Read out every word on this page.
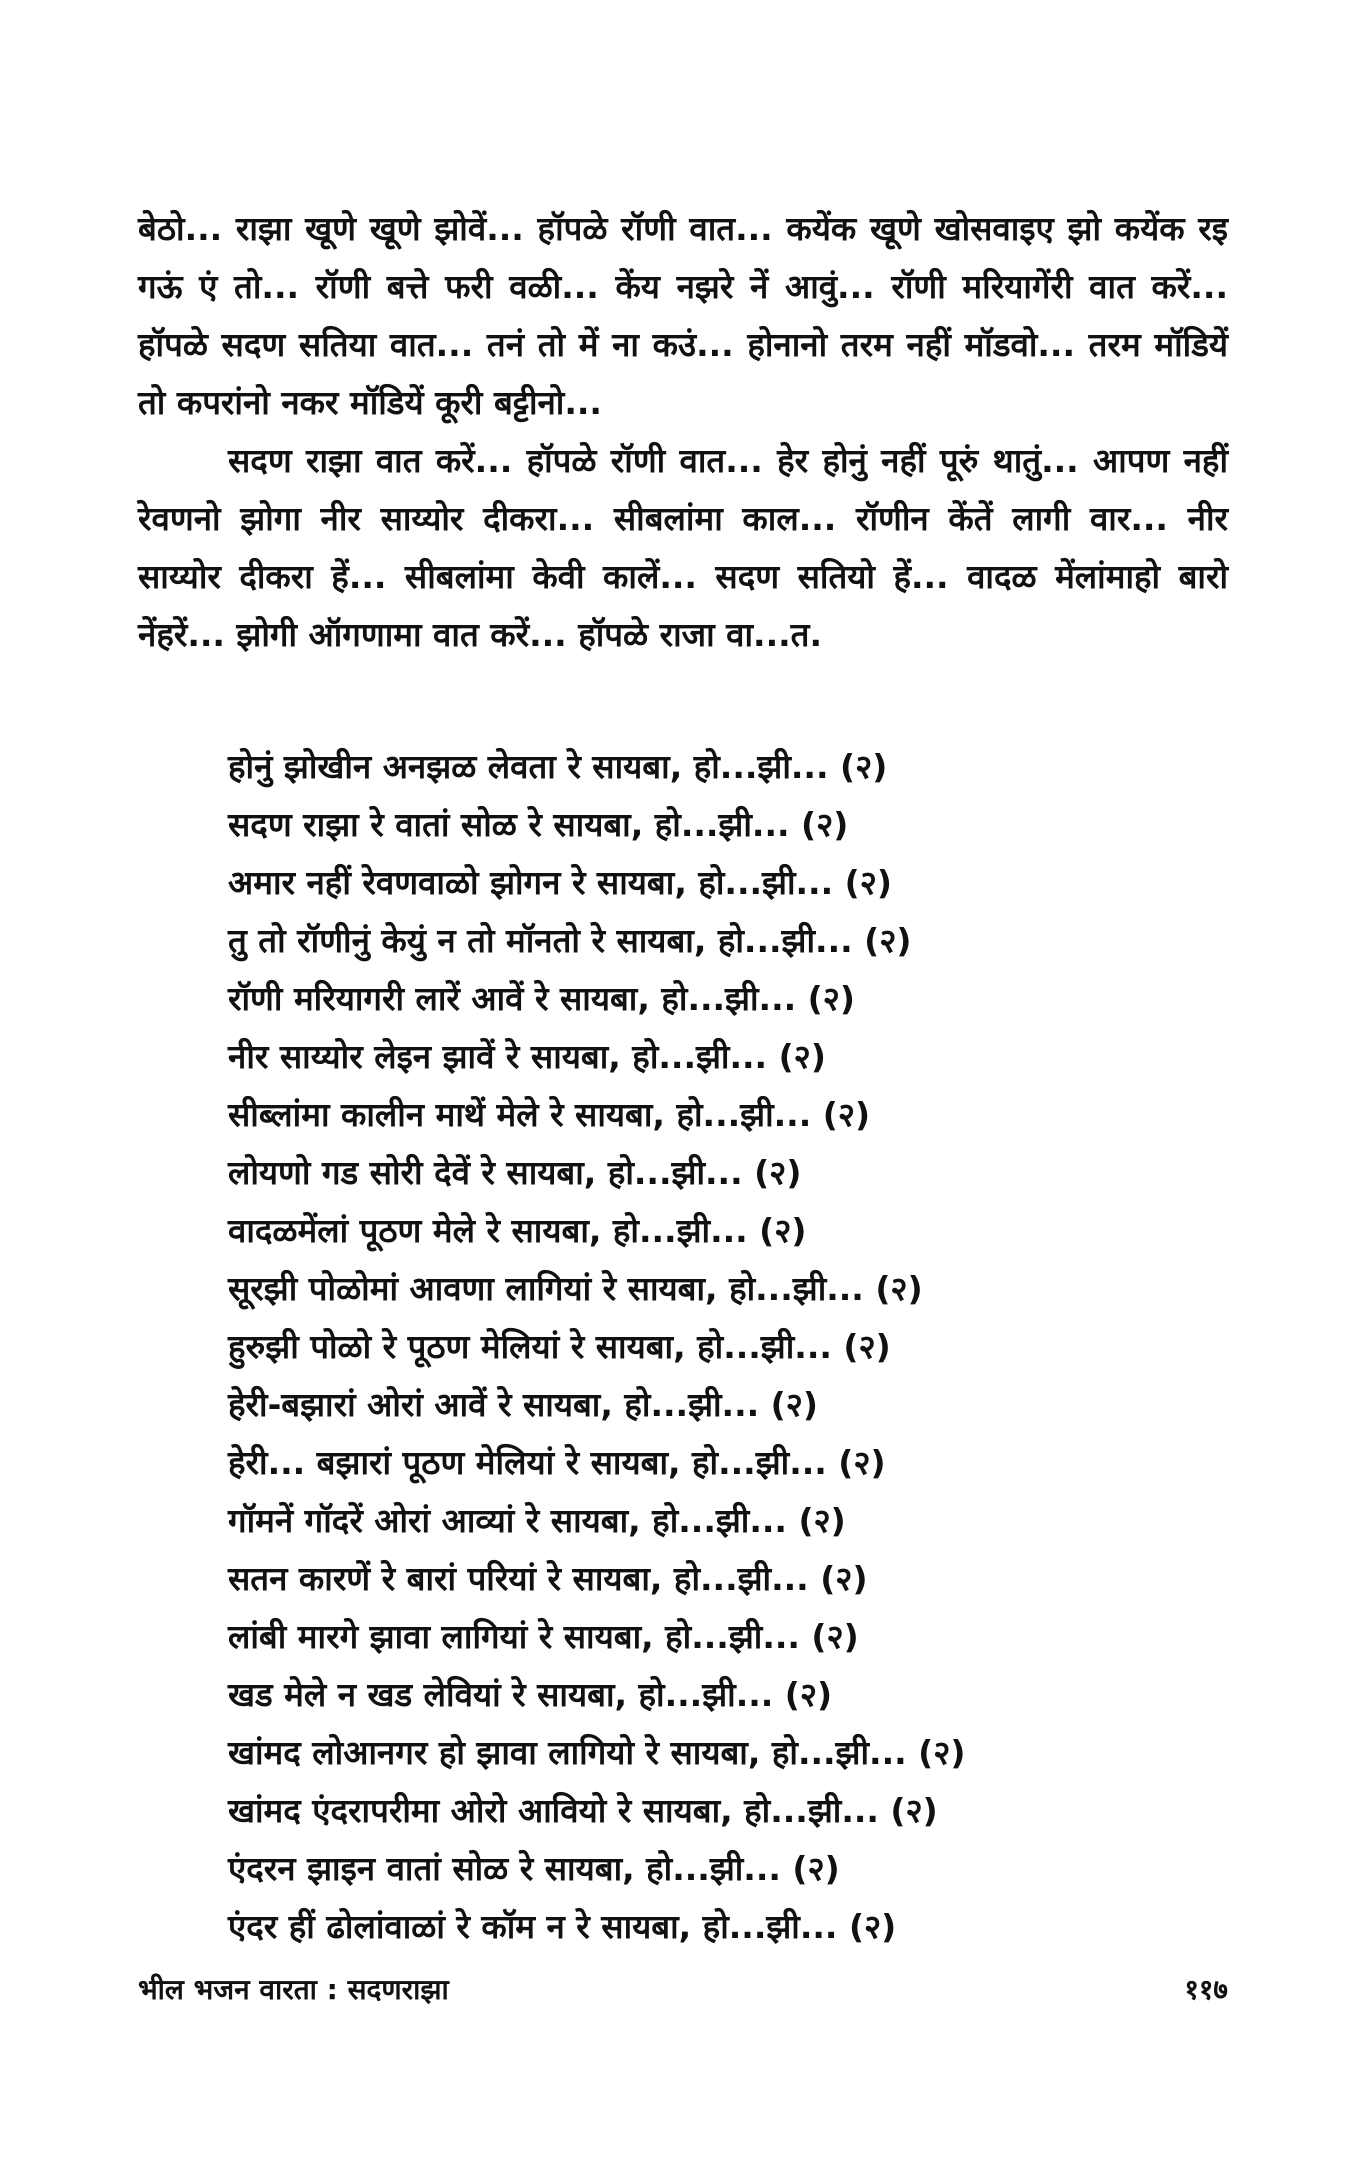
बेठो... राझा खूणे खूणे झोवें... हॉपळे रॉणी वात... कयेंक खूणे खोसवाइए झो कयेंक रइ गऊं एं तो... रॉणी बत्ते फरी वळी... केंय नझरे नें आवुं... रॉणी मरियागेंरी वात करें... हॉपळे सदण सतिया वात... तनं तो में ना कउं... होनानो तरम नहीं मॉडवो... तरम मॉडियें तो कपरांनो नकर मॉडियें कूरी बट्टीनो...

सदण राझा वात करें... हॉपळे रॉणी वात... हेर होनुं नहीं पूरुं थातुं... आपण नहीं रेवणनो झोगा नीर साय्योर दीकरा... सीबलांमा काल... रॉणीन केंतें लागी वार... नीर साय्योर दीकरा हें... सीबलांमा केवी कालें... सदण सतियो हें... वादळ मेंलांमाहो बारो नेंहरें... झोगी ऑगणामा वात करें... हॉपळे राजा वा...त.

होनुं झोखीन अनझळ लेवता रे सायबा, हो...झी... (२)
सदण राझा रे वातां सोळ रे सायबा, हो...झी... (२)
अमार नहीं रेवणवाळो झोगन रे सायबा, हो...झी... (२)
तु तो रॉणीनुं केयुं न तो मॉनतो रे सायबा, हो...झी... (२)
रॉणी मरियागरी लारें आवें रे सायबा, हो...झी... (२)
नीर साय्योर लेइन झावें रे सायबा, हो...झी... (२)
सीब्लांमा कालीन माथें मेले रे सायबा, हो...झी... (२)
लोयणो गड सोरी देवें रे सायबा, हो...झी... (२)
वादळमेंलां पूठण मेले रे सायबा, हो...झी... (२)
सूरझी पोळोमां आवणा लागियां रे सायबा, हो...झी... (२)
हुरुझी पोळो रे पूठण मेलियां रे सायबा, हो...झी... (२)
हेरी-बझारां ओरां आवें रे सायबा, हो...झी... (२)
हेरी... बझारां पूठण मेलियां रे सायबा, हो...झी... (२)
गॉमनें गॉदरें ओरां आव्यां रे सायबा, हो...झी... (२)
सतन कारणें रे बारां परियां रे सायबा, हो...झी... (२)
लांबी मारगे झावा लागियां रे सायबा, हो...झी... (२)
खड मेले न खड लेवियां रे सायबा, हो...झी... (२)
खांमद लोआनगर हो झावा लागियो रे सायबा, हो...झी... (२)
खांमद एंदरापरीमा ओरो आवियो रे सायबा, हो...झी... (२)
एंदरन झाइन वातां सोळ रे सायबा, हो...झी... (२)
एंदर हीं ढोलांवाळां रे कॉम न रे सायबा, हो...झी... (२)
भील भजन वारता : सदणराझा	११७
